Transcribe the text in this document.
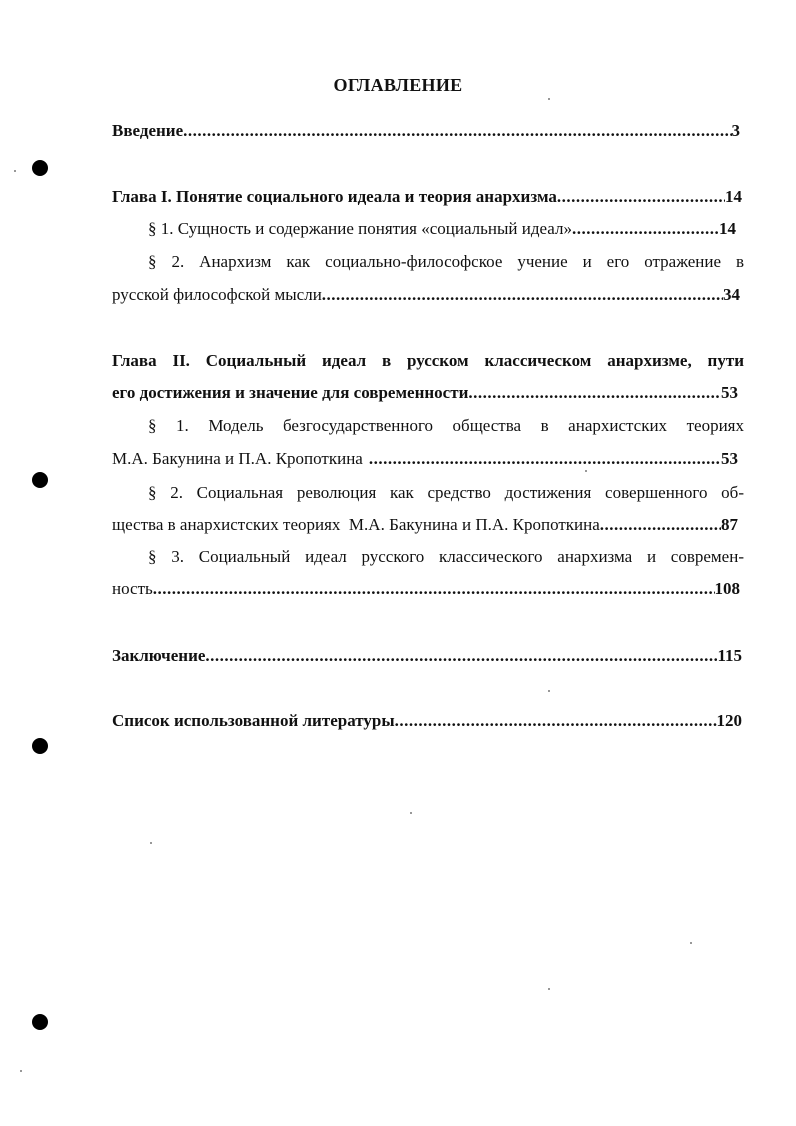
ОГЛАВЛЕНИЕ
Введение .....	3
Глава I. Понятие социального идеала и теория анархизма .....	14
§ 1. Сущность и содержание понятия «социальный идеал» .....	14
§ 2. Анархизм как социально-философское учение и его отражение в
русской философской мысли .....	34
Глава II. Социальный идеал в русском классическом анархизме, пути
его достижения и значение для современности .....	53
§ 1. Модель безгосударственного общества в анархистских теориях
М.А. Бакунина и П.А. Кропоткина .....	53
§ 2. Социальная революция как средство достижения совершенного об-
щества в анархистских теориях  М.А. Бакунина и П.А. Кропоткина .....	87
§ 3. Социальный идеал русского классического анархизма и современ-
ность .....	108
Заключение .....	115
Список использованной литературы .....	120
